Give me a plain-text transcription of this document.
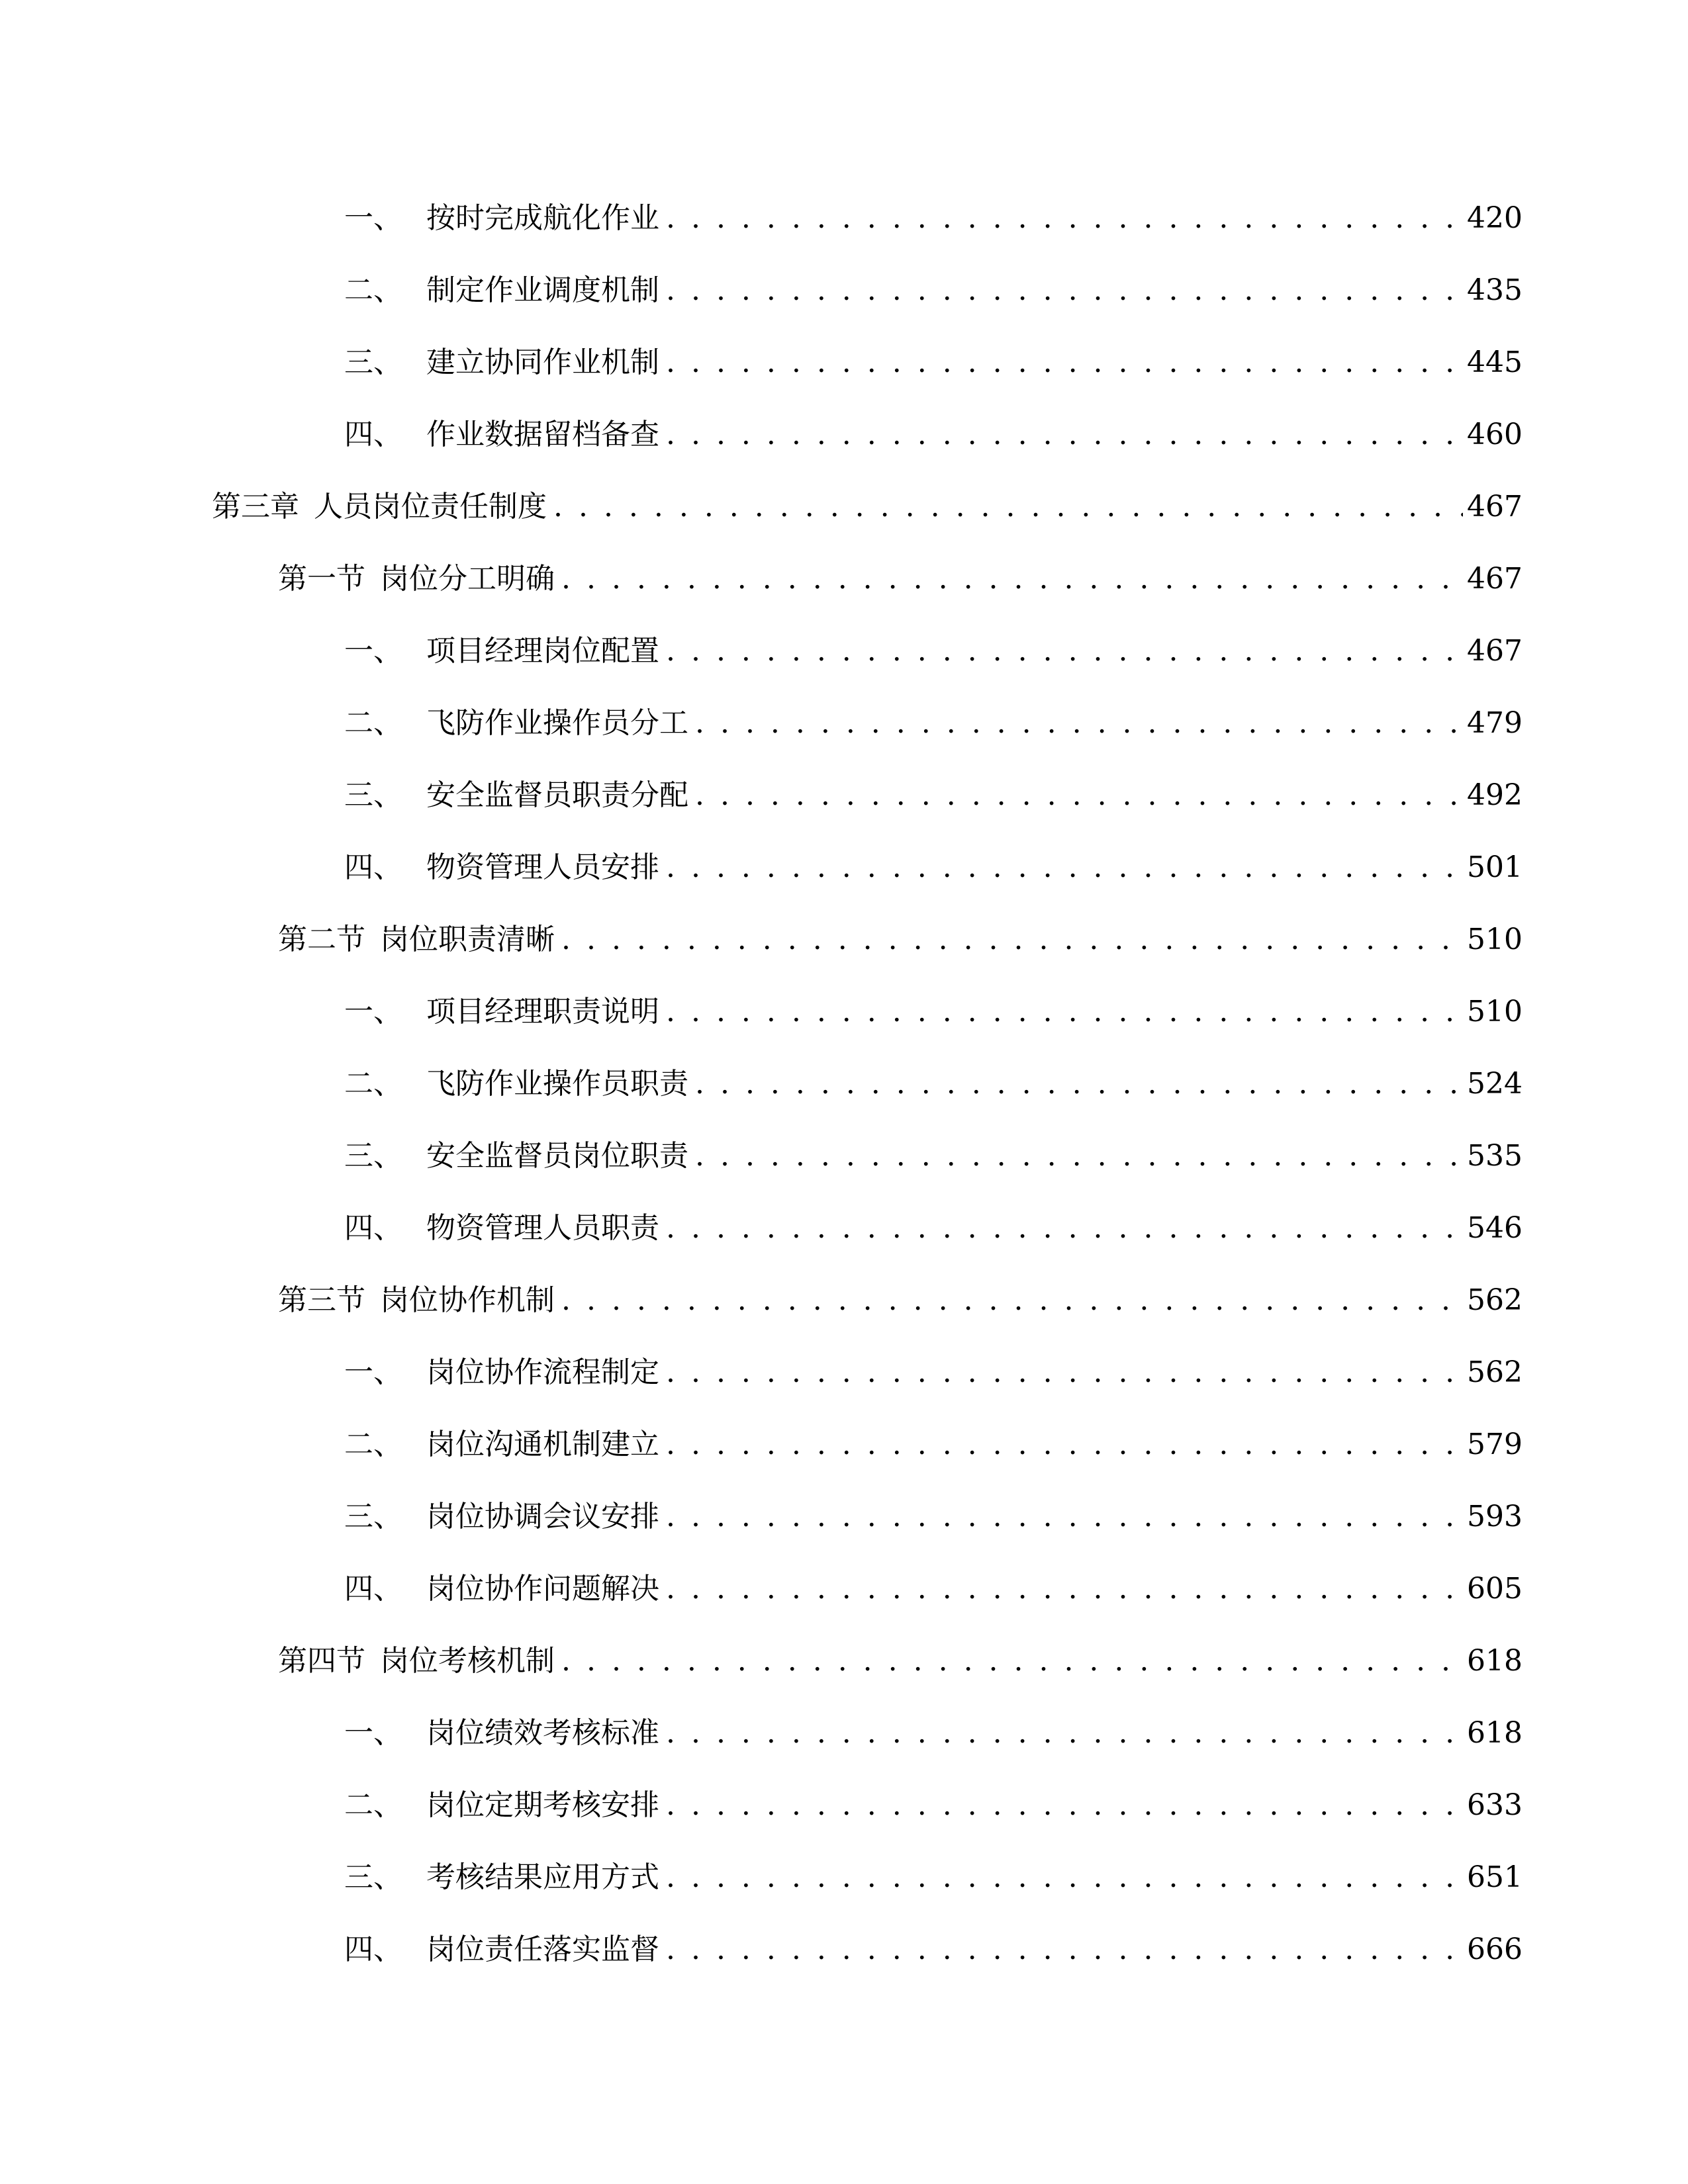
一、 按时完成航化作业 . . .	420
二、 制定作业调度机制 . . .	435
三、 建立协同作业机制 . . .	445
四、 作业数据留档备查 . . .	460
第三章 人员岗位责任制度 . . .	467
第一节 岗位分工明确 . . .	467
一、 项目经理岗位配置 . . .	467
二、 飞防作业操作员分工 . . .	479
三、 安全监督员职责分配 . . .	492
四、 物资管理人员安排 . . .	501
第二节 岗位职责清晰 . . .	510
一、 项目经理职责说明 . . .	510
二、 飞防作业操作员职责 . . .	524
三、 安全监督员岗位职责 . . .	535
四、 物资管理人员职责 . . .	546
第三节 岗位协作机制 . . .	562
一、 岗位协作流程制定 . . .	562
二、 岗位沟通机制建立 . . .	579
三、 岗位协调会议安排 . . .	593
四、 岗位协作问题解决 . . .	605
第四节 岗位考核机制 . . .	618
一、 岗位绩效考核标准 . . .	618
二、 岗位定期考核安排 . . .	633
三、 考核结果应用方式 . . .	651
四、 岗位责任落实监督 . . .	666
